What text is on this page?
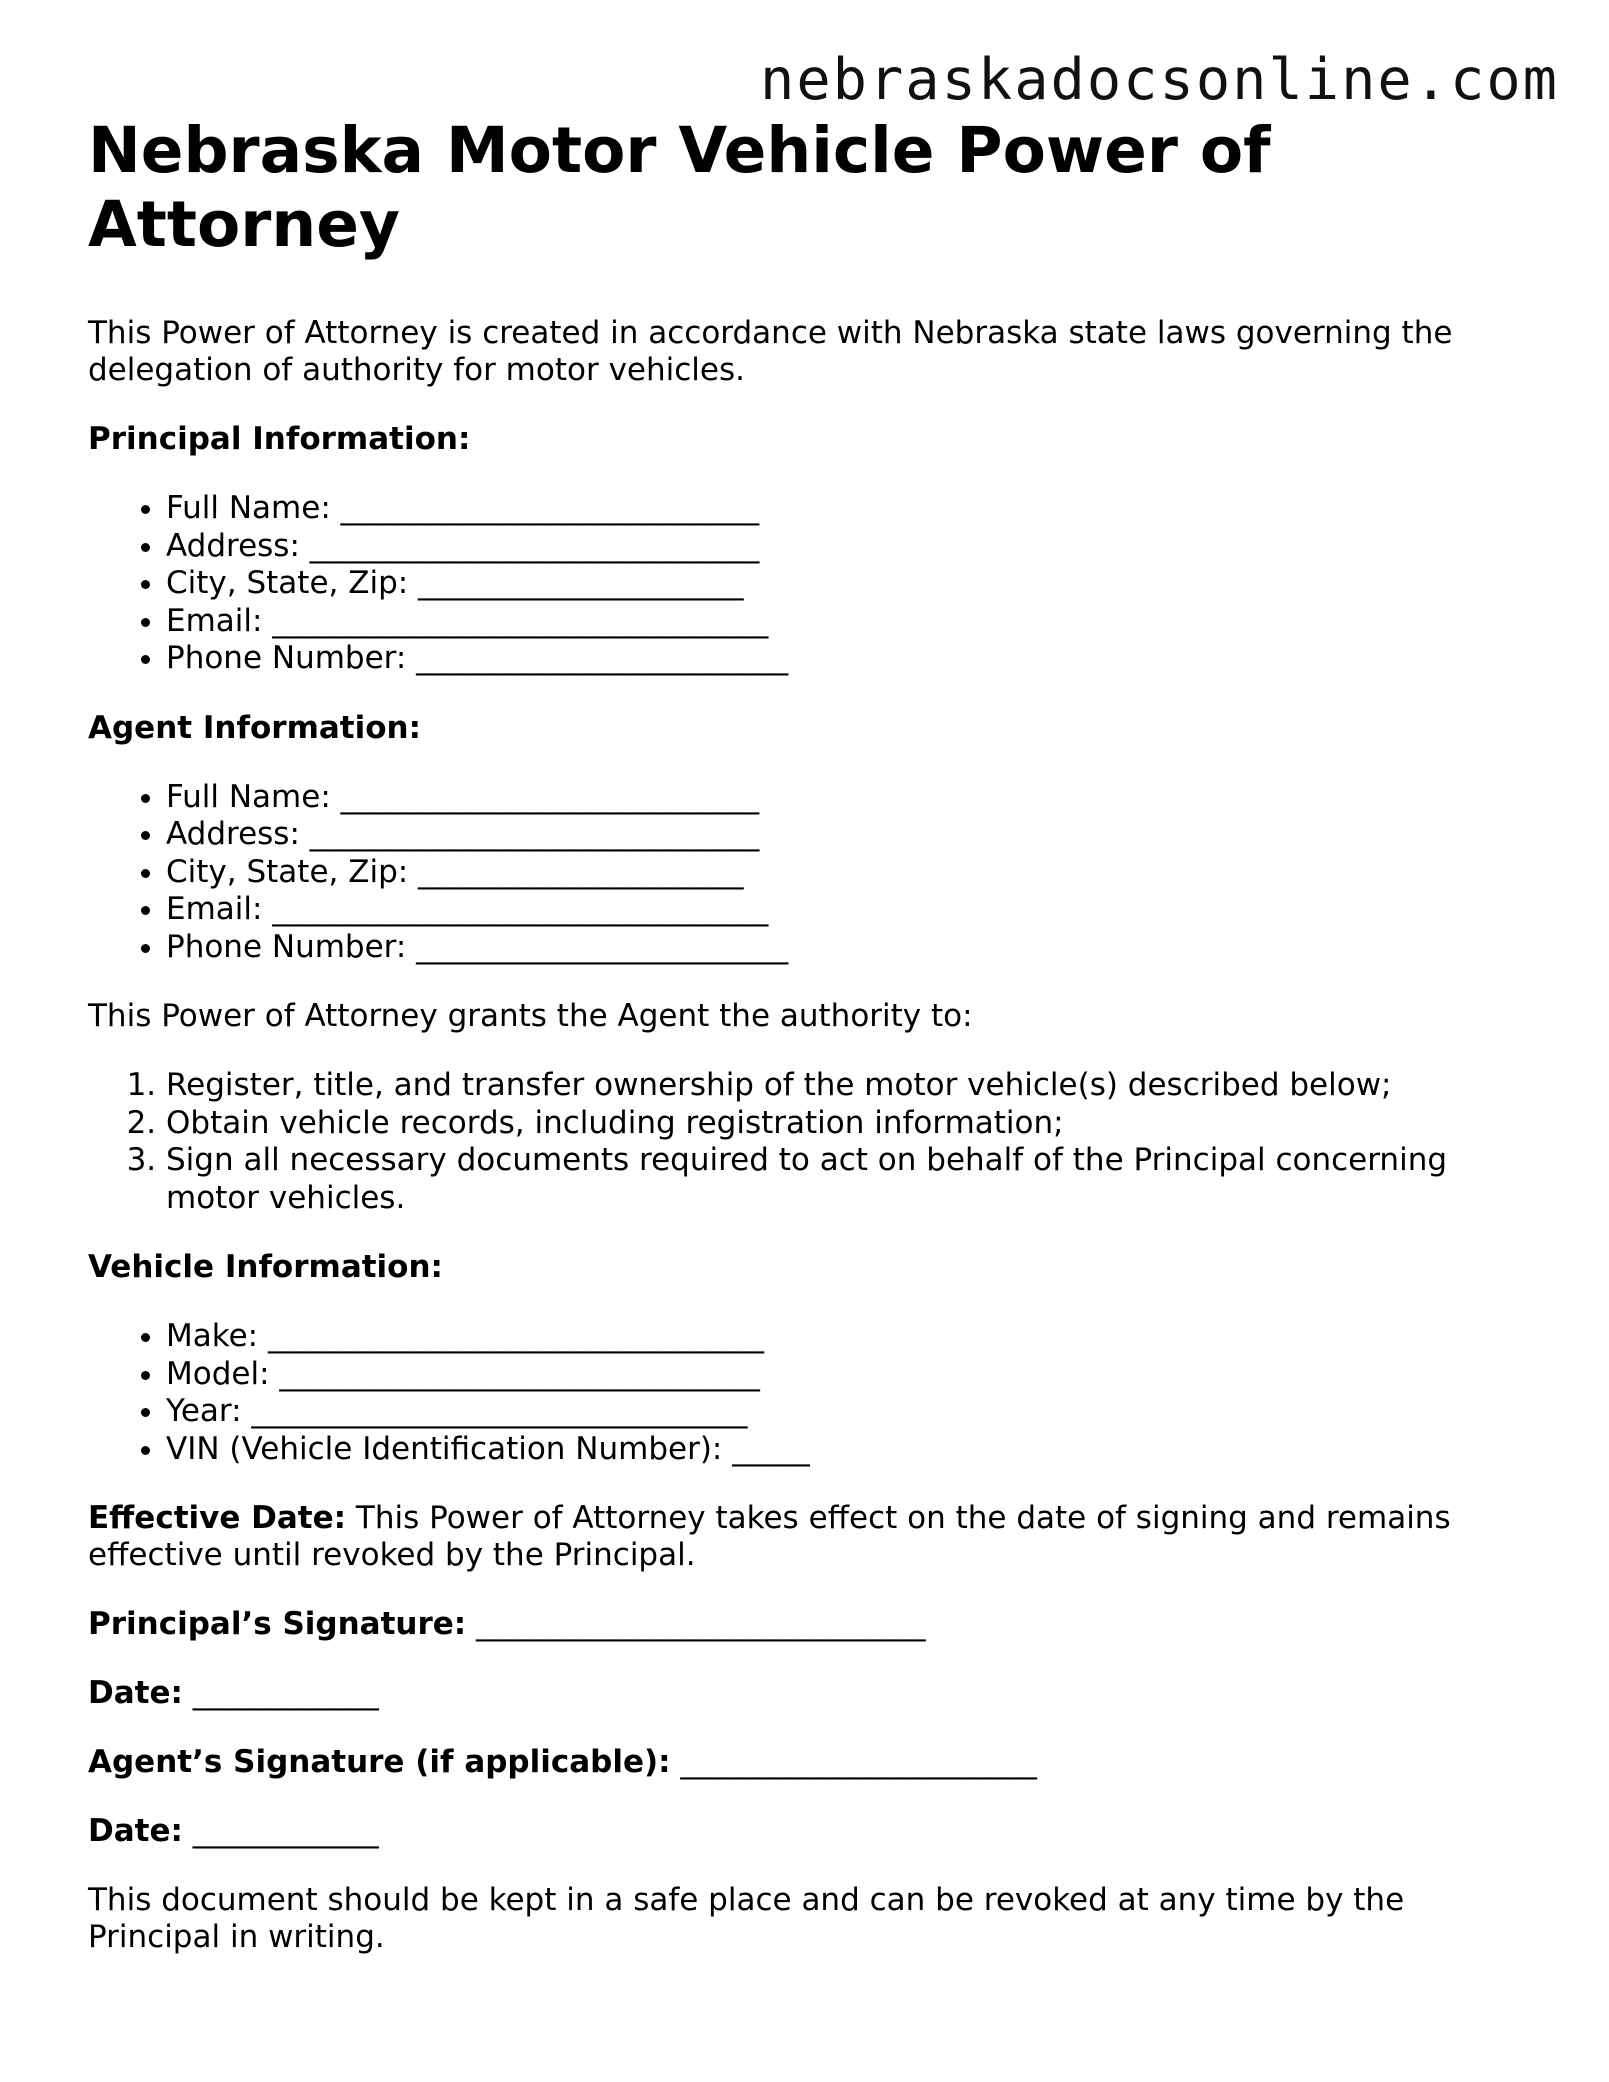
nebraskadocsonline.com
Nebraska Motor Vehicle Power of Attorney

This Power of Attorney is created in accordance with Nebraska state laws governing the delegation of authority for motor vehicles.

Principal Information:
• Full Name: ___________________________
• Address: _____________________________
• City, State, Zip: _____________________
• Email: ________________________________
• Phone Number: ________________________
Agent Information:
• Full Name: ___________________________
• Address: _____________________________
• City, State, Zip: _____________________
• Email: ________________________________
• Phone Number: ________________________

This Power of Attorney grants the Agent the authority to:

1. Register, title, and transfer ownership of the motor vehicle(s) described below;
2. Obtain vehicle records, including registration information;
3. Sign all necessary documents required to act on behalf of the Principal concerning motor vehicles.
Vehicle Information:
• Make: ________________________________
• Model: _______________________________
• Year: ________________________________
• VIN (Vehicle Identification Number): _____

Effective Date: This Power of Attorney takes effect on the date of signing and remains effective until revoked by the Principal.

Principal’s Signature: _____________________________

Date: ____________

Agent’s Signature (if applicable): _______________________

Date: ____________

This document should be kept in a safe place and can be revoked at any time by the Principal in writing.
